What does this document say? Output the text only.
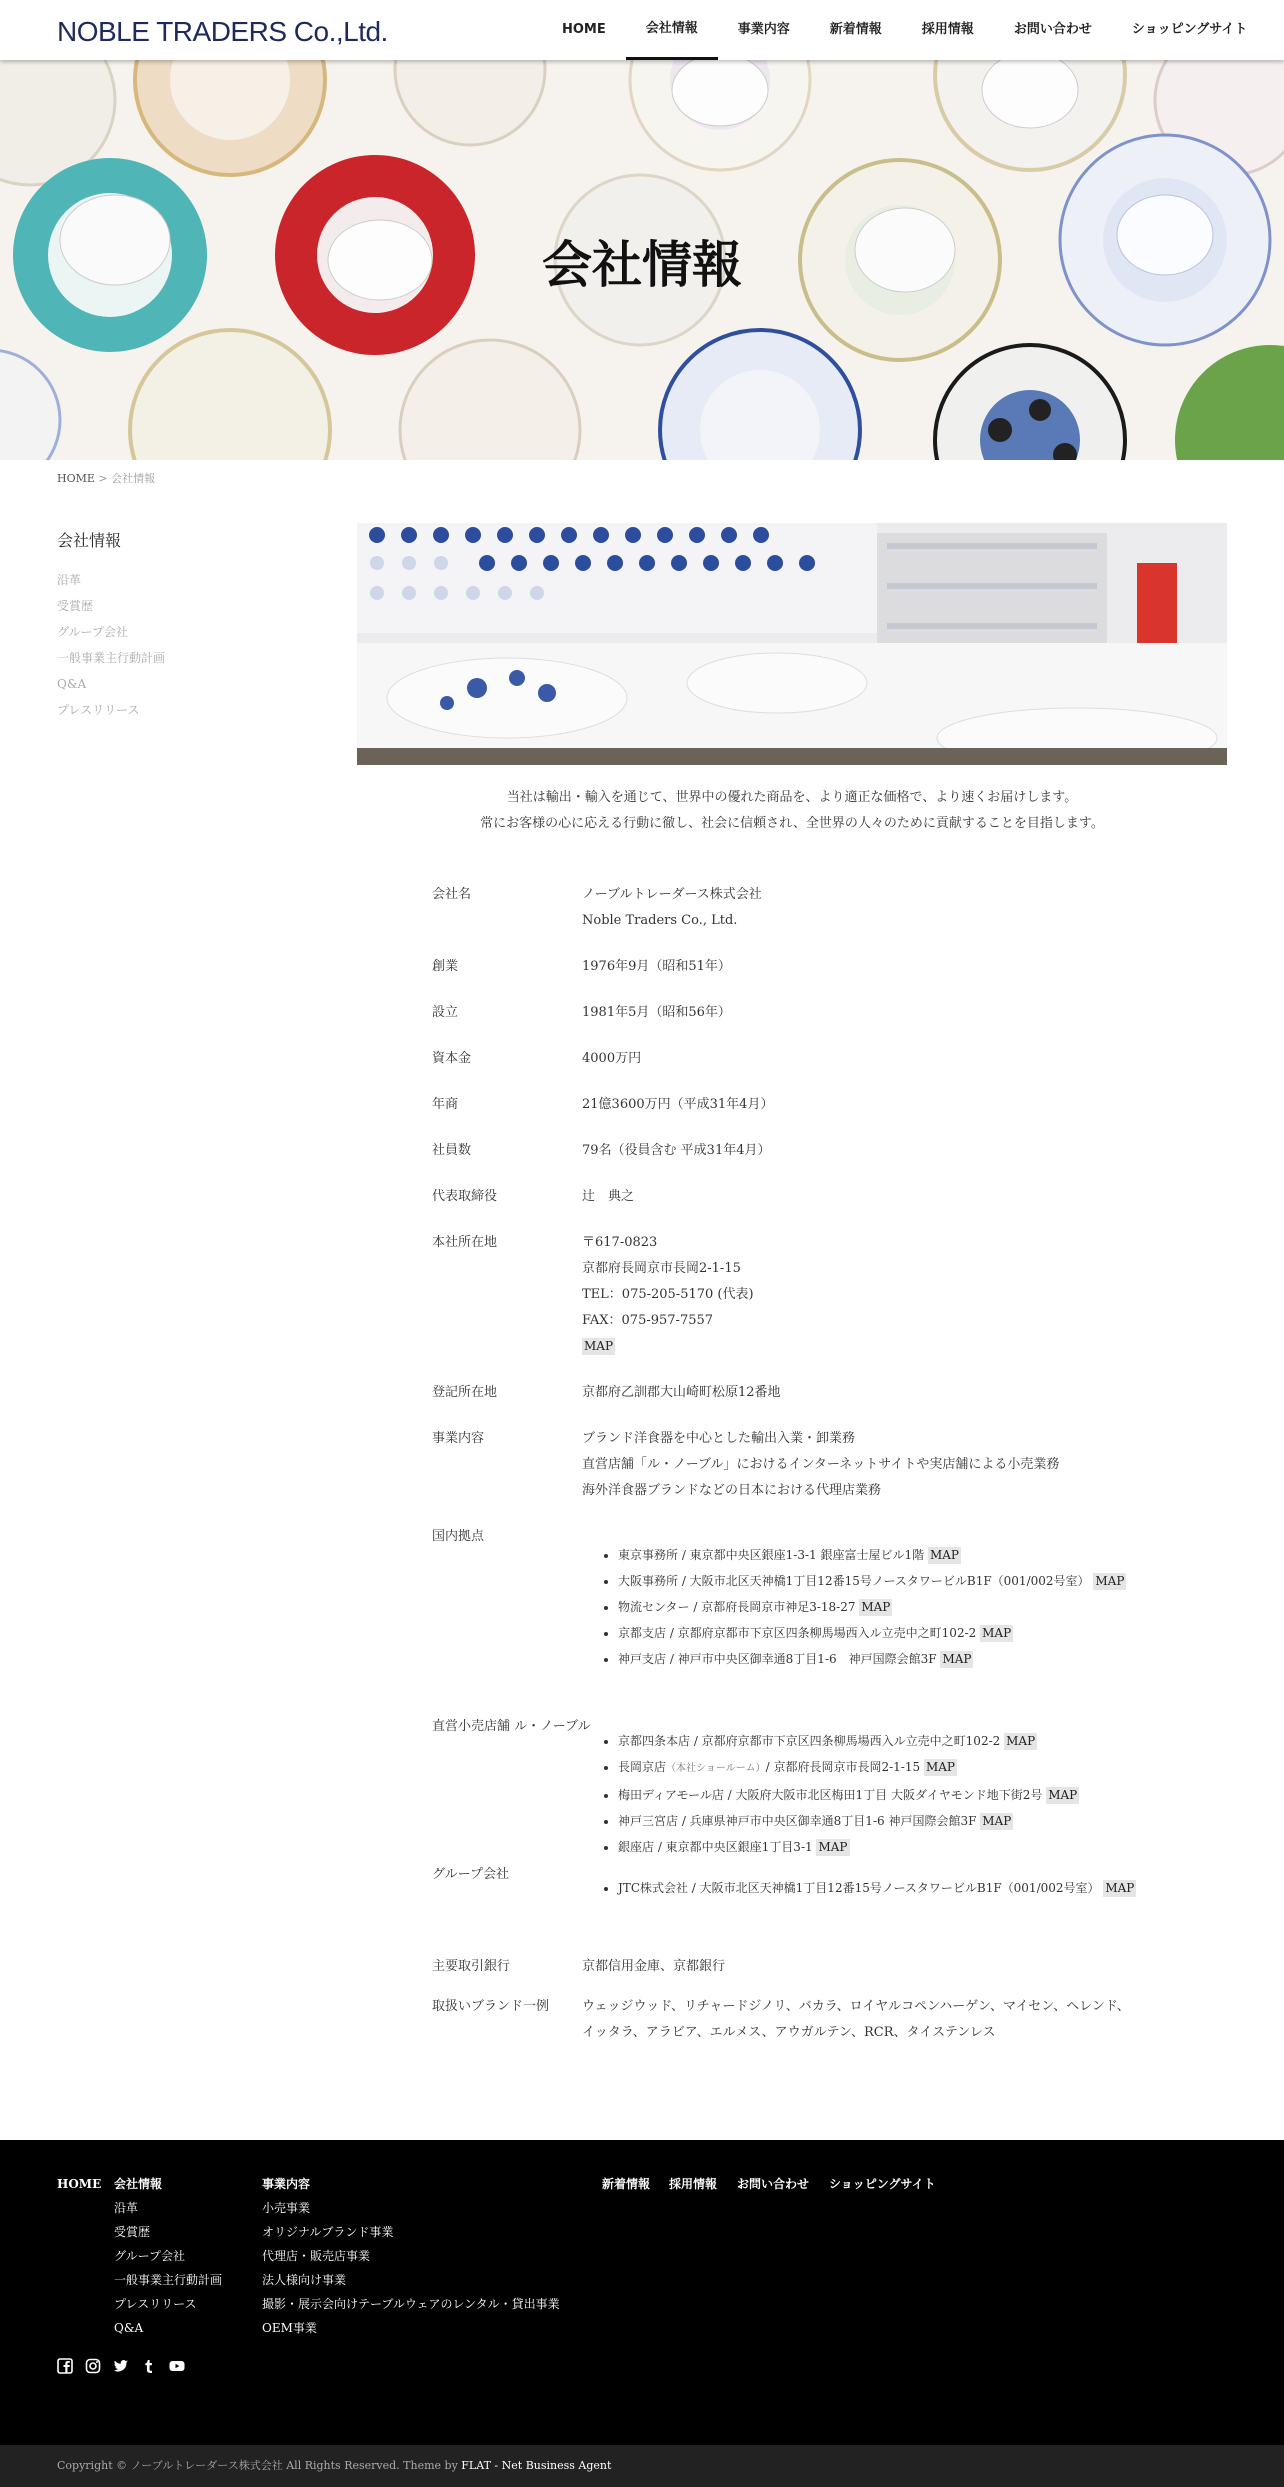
NOBLE TRADERS Co.,Ltd.	HOME	会社情報	事業内容	新着情報	採用情報	お問い合わせ	ショッピングサイト
会社情報
HOME > 会社情報
会社情報
沿革
受賞歴
グループ会社
一般事業主行動計画
Q&A
プレスリリース
当社は輸出・輸入を通じて、世界中の優れた商品を、より適正な価格で、より速くお届けします。
常にお客様の心に応える行動に徹し、社会に信頼され、全世界の人々のために貢献することを目指します。
会社名	ノーブルトレーダース株式会社
Noble Traders Co., Ltd.
創業	1976年9月（昭和51年）
設立	1981年5月（昭和56年）
資本金	4000万円
年商	21億3600万円（平成31年4月）
社員数	79名（役員含む 平成31年4月）
代表取締役	辻　典之
本社所在地	〒617-0823
京都府長岡京市長岡2-1-15
TEL：075-205-5170 (代表)
FAX：075-957-7557
MAP
登記所在地	京都府乙訓郡大山崎町松原12番地
事業内容	ブランド洋食器を中心とした輸出入業・卸業務
直営店舗「ル・ノーブル」におけるインターネットサイトや実店舗による小売業務
海外洋食器ブランドなどの日本における代理店業務
国内拠点
• 東京事務所 / 東京都中央区銀座1-3-1 銀座富士屋ビル1階 MAP
• 大阪事務所 / 大阪市北区天神橋1丁目12番15号ノースタワービルB1F（001/002号室） MAP
• 物流センター / 京都府長岡京市神足3-18-27 MAP
• 京都支店 / 京都府京都市下京区四条柳馬場西入ル立売中之町102-2 MAP
• 神戸支店 / 神戸市中央区御幸通8丁目1-6　神戸国際会館3F MAP
直営小売店舗 ル・ノーブル
• 京都四条本店 / 京都府京都市下京区四条柳馬場西入ル立売中之町102-2 MAP
• 長岡京店（本社ショールーム）/ 京都府長岡京市長岡2-1-15 MAP
• 梅田ディアモール店 / 大阪府大阪市北区梅田1丁目 大阪ダイヤモンド地下街2号 MAP
• 神戸三宮店 / 兵庫県神戸市中央区御幸通8丁目1-6 神戸国際会館3F MAP
• 銀座店 / 東京都中央区銀座1丁目3-1 MAP
グループ会社
• JTC株式会社 / 大阪市北区天神橋1丁目12番15号ノースタワービルB1F（001/002号室） MAP
主要取引銀行	京都信用金庫、京都銀行
取扱いブランド一例	ウェッジウッド、リチャードジノリ、バカラ、ロイヤルコペンハーゲン、マイセン、ヘレンド、
イッタラ、アラビア、エルメス、アウガルテン、RCR、タイステンレス
HOME 会社情報
沿革
受賞歴
グループ会社
一般事業主行動計画
プレスリリース
Q&A
事業内容
小売事業
オリジナルブランド事業
代理店・販売店事業
法人様向け事業
撮影・展示会向けテーブルウェアのレンタル・貸出事業
OEM事業
新着情報 採用情報 お問い合わせ ショッピングサイト
Copyright © ノーブルトレーダース株式会社 All Rights Reserved. Theme by FLAT - Net Business Agent
